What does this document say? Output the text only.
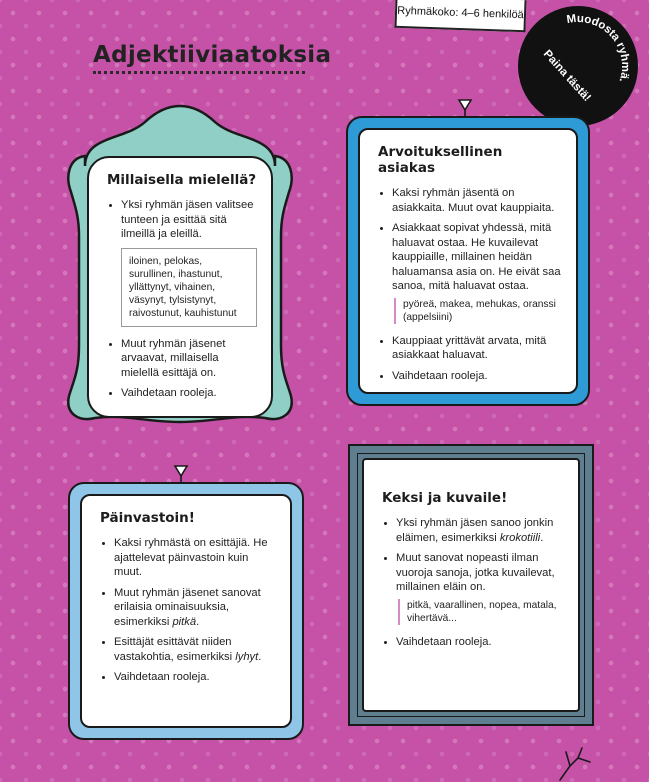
Ryhmäkoko: 4–6 henkilöä
Adjektiiviaatoksia
Muodosta ryhmä.
Paina tästä!
Millaisella mielellä?
• Yksi ryhmän jäsen valitsee tunteen ja esittää sitä ilmeillä ja eleillä.
iloinen, pelokas, surullinen, ihastunut, yllättynyt, vihainen, väsynyt, tylsistynyt, raivostunut, kauhistunut
• Muut ryhmän jäsenet arvaavat, millaisella mielellä esittäjä on.
• Vaihdetaan rooleja.
Arvoituksellinen asiakas
• Kaksi ryhmän jäsentä on asiakkaita. Muut ovat kauppiaita.
• Asiakkaat sopivat yhdessä, mitä haluavat ostaa. He kuvailevat kauppiaille, millainen heidän haluamansa asia on. He eivät saa sanoa, mitä haluavat ostaa.
pyöreä, makea, mehukas, oranssi (appelsiini)
• Kauppiaat yrittävät arvata, mitä asiakkaat haluavat.
• Vaihdetaan rooleja.
Päinvastoin!
• Kaksi ryhmästä on esittäjiä. He ajattelevat päinvastoin kuin muut.
• Muut ryhmän jäsenet sanovat erilaisia ominaisuuksia, esimerkiksi pitkä.
• Esittäjät esittävät niiden vastakohtia, esimerkiksi lyhyt.
• Vaihdetaan rooleja.
Keksi ja kuvaile!
• Yksi ryhmän jäsen sanoo jonkin eläimen, esimerkiksi krokotiili.
• Muut sanovat nopeasti ilman vuoroja sanoja, jotka kuvailevat, millainen eläin on.
pitkä, vaarallinen, nopea, matala, vihertävä...
• Vaihdetaan rooleja.
